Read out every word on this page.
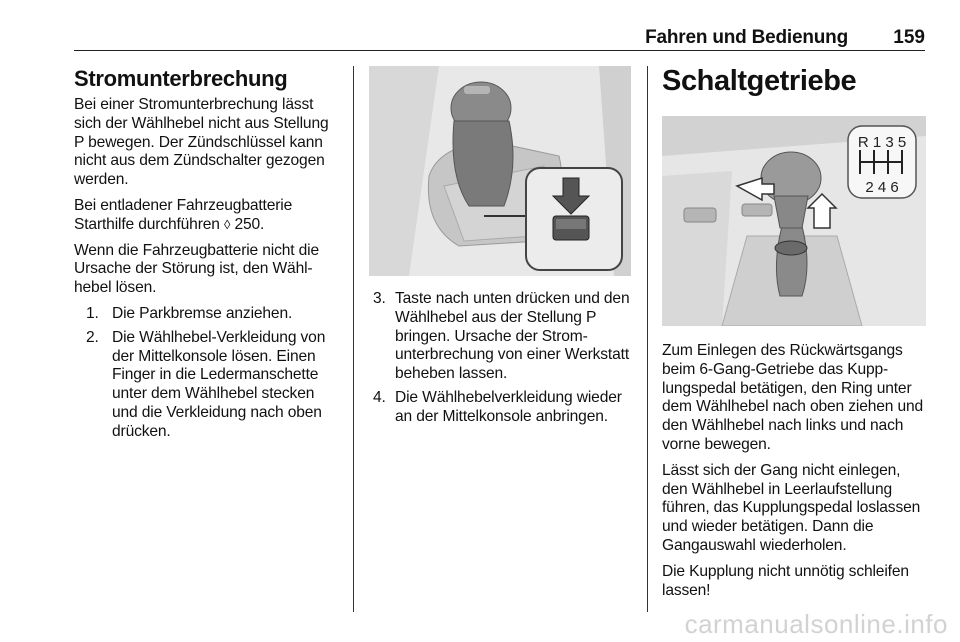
Fahren und Bedienung	159
Stromunterbrechung

Bei einer Stromunterbrechung lässt sich der Wählhebel nicht aus Stellung P bewegen. Der Zündschlüssel kann nicht aus dem Zündschalter gezogen werden.

Bei entladener Fahrzeugbatterie Starthilfe durchführen ◊ 250.

Wenn die Fahrzeugbatterie nicht die Ursache der Störung ist, den Wählhebel lösen.

1. Die Parkbremse anziehen.
2. Die Wählhebel-Verkleidung von der Mittelkonsole lösen. Einen Finger in die Ledermanschette unter dem Wählhebel stecken und die Verkleidung nach oben drücken.
3. Taste nach unten drücken und den Wählhebel aus der Stellung P bringen. Ursache der Stromunterbrechung von einer Werkstatt beheben lassen.
4. Die Wählhebelverkleidung wieder an der Mittelkonsole anbringen.
Schaltgetriebe
R 1 3 5
2 4 6

Zum Einlegen des Rückwärtsgangs beim 6-Gang-Getriebe das Kupplungspedal betätigen, den Ring unter dem Wählhebel nach oben ziehen und den Wählhebel nach links und nach vorne bewegen.

Lässt sich der Gang nicht einlegen, den Wählhebel in Leerlaufstellung führen, das Kupplungspedal loslassen und wieder betätigen. Dann die Gangauswahl wiederholen.

Die Kupplung nicht unnötig schleifen lassen!

carmanualsonline.info
